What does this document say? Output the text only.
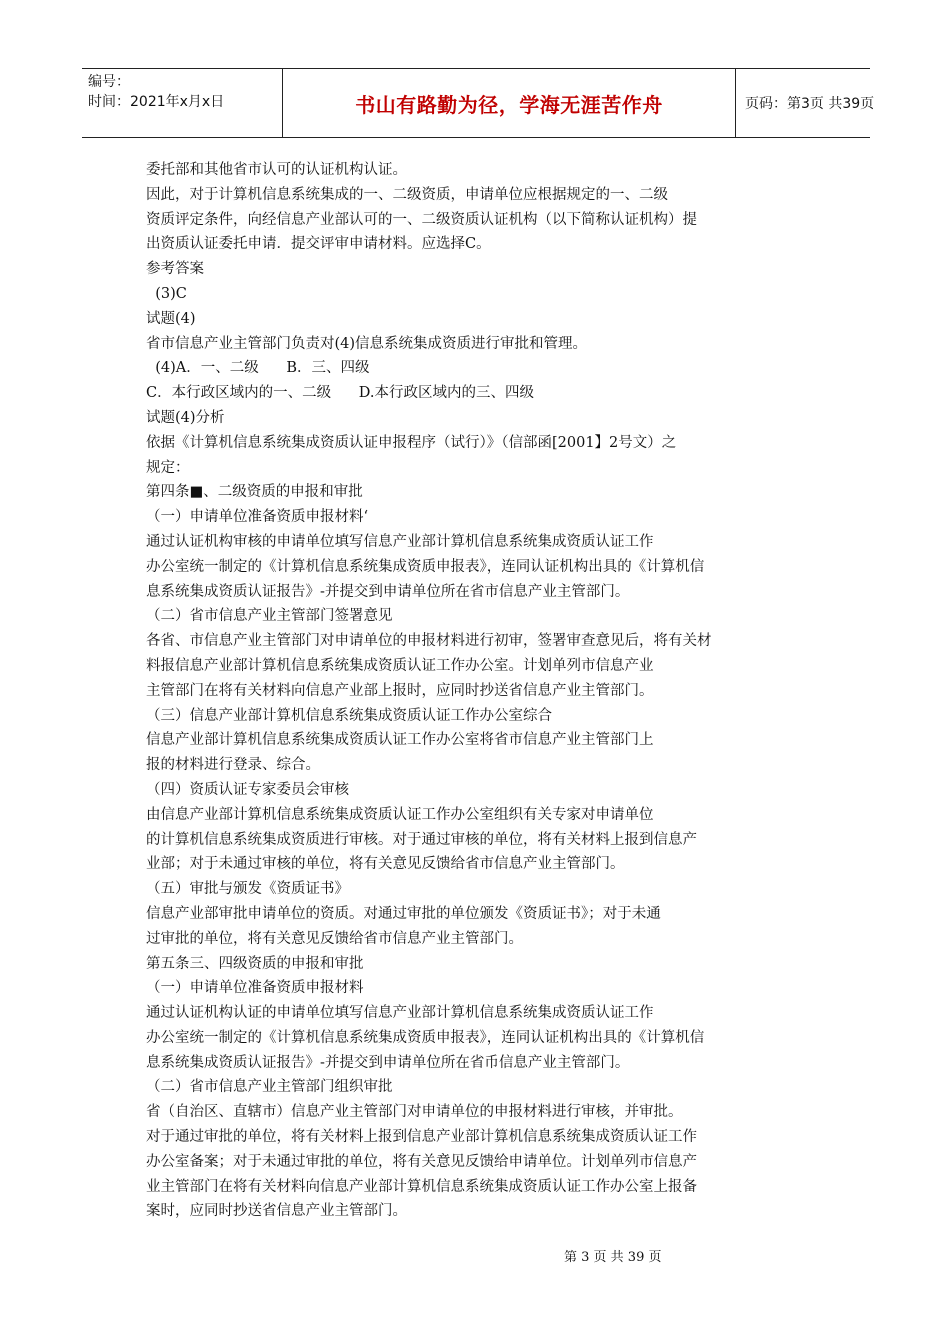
编号：
时间：2021年x月x日	书山有路勤为径，学海无涯苦作舟	页码：第3页 共39页
委托部和其他省市认可的认证机构认证。
因此，对于计算机信息系统集成的一、二级资质，申请单位应根据规定的一、二级
资质评定条件，向经信息产业部认可的一、二级资质认证机构（以下简称认证机构）提
出资质认证委托申请．提交评审申请材料。应选择C。
参考答案
(3)C
试题(4)
省市信息产业主管部门负责对(4)信息系统集成资质进行审批和管理。
(4)A．一、二级      B．三、四级
C．本行政区域内的一、二级      D.本行政区域内的三、四级
试题(4)分析
依据《计算机信息系统集成资质认证申报程序（试行）》（信部函[2001】2号文）之
规定：
第四条■、二级资质的申报和审批
（一）申请单位准备资质申报材料‘
通过认证机构审核的申请单位填写信息产业部计算机信息系统集成资质认证工作
办公室统一制定的《计算机信息系统集成资质申报表》，连同认证机构出具的《计算机信
息系统集成资质认证报告》-并提交到申请单位所在省市信息产业主管部门。
（二）省市信息产业主管部门签署意见
各省、市信息产业主管部门对申请单位的申报材料进行初审，签署审查意见后，将有关材
料报信息产业部计算机信息系统集成资质认证工作办公室。计划单列市信息产业
主管部门在将有关材料向信息产业部上报时，应同时抄送省信息产业主管部门。
（三）信息产业部计算机信息系统集成资质认证工作办公室综合
信息产业部计算机信息系统集成资质认证工作办公室将省市信息产业主管部门上
报的材料进行登录、综合。
（四）资质认证专家委员会审核
由信息产业部计算机信息系统集成资质认证工作办公室组织有关专家对申请单位
的计算机信息系统集成资质进行审核。对于通过审核的单位，将有关材料上报到信息产
业部；对于未通过审核的单位，将有关意见反馈给省市信息产业主管部门。
（五）审批与颁发《资质证书》
信息产业部审批申请单位的资质。对通过审批的单位颁发《资质证书》；对于未通
过审批的单位，将有关意见反馈给省市信息产业主管部门。
第五条三、四级资质的申报和审批
（一）申请单位准备资质申报材料
通过认证机构认证的申请单位填写信息产业部计算机信息系统集成资质认证工作
办公室统一制定的《计算机信息系统集成资质申报表》，连同认证机构出具的《计算机信
息系统集成资质认证报告》-并提交到申请单位所在省币信息产业主管部门。
（二）省市信息产业主管部门组织审批
省（自治区、直辖市）信息产业主管部门对申请单位的申报材料进行审核，并审批。
对于通过审批的单位，将有关材料上报到信息产业部计算机信息系统集成资质认证工作
办公室备案；对于未通过审批的单位，将有关意见反馈给申请单位。计划单列市信息产
业主管部门在将有关材料向信息产业部计算机信息系统集成资质认证工作办公室上报备
案时，应同时抄送省信息产业主管部门。
第 3 页 共 39 页
